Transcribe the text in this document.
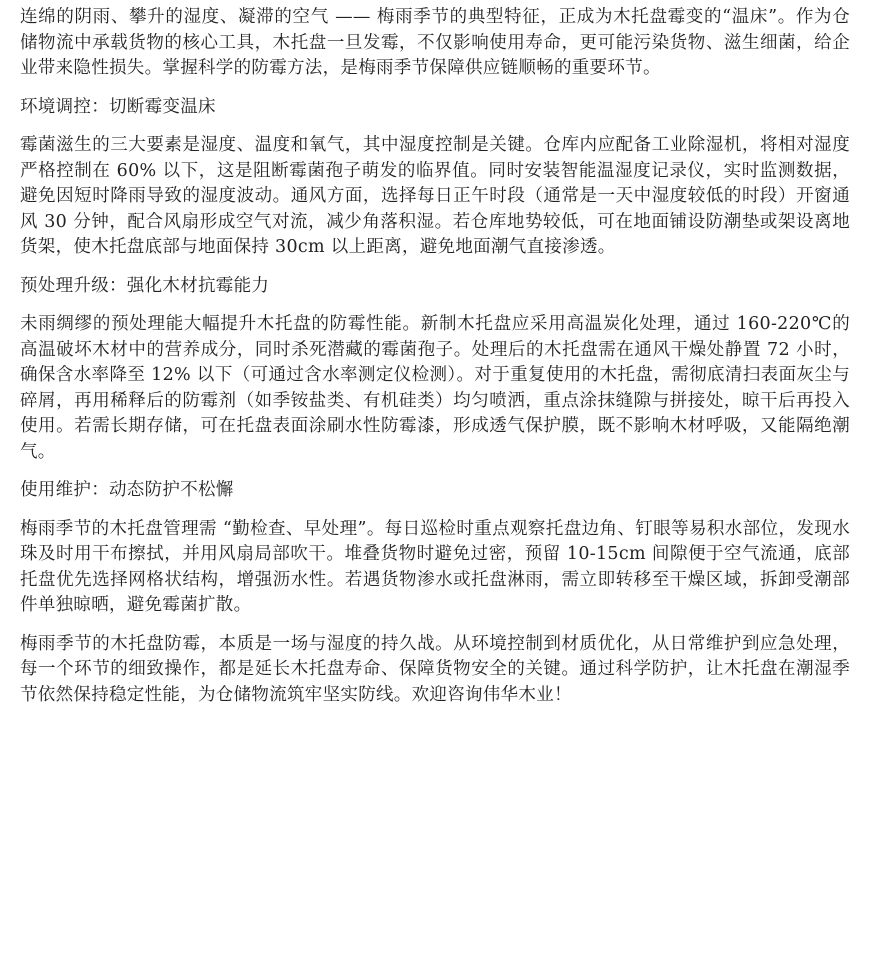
连绵的阴雨、攀升的湿度、凝滞的空气 —— 梅雨季节的典型特征，正成为木托盘霉变的“温床”。作为仓储物流中承载货物的核心工具，木托盘一旦发霉，不仅影响使用寿命，更可能污染货物、滋生细菌，给企业带来隐性损失。掌握科学的防霉方法，是梅雨季节保障供应链顺畅的重要环节。

环境调控：切断霉变温床

霉菌滋生的三大要素是湿度、温度和氧气，其中湿度控制是关键。仓库内应配备工业除湿机，将相对湿度严格控制在 60% 以下，这是阻断霉菌孢子萌发的临界值。同时安装智能温湿度记录仪，实时监测数据，避免因短时降雨导致的湿度波动。通风方面，选择每日正午时段（通常是一天中湿度较低的时段）开窗通风 30 分钟，配合风扇形成空气对流，减少角落积湿。若仓库地势较低，可在地面铺设防潮垫或架设离地货架，使木托盘底部与地面保持 30cm 以上距离，避免地面潮气直接渗透。

预处理升级：强化木材抗霉能力

未雨绸缪的预处理能大幅提升木托盘的防霉性能。新制木托盘应采用高温炭化处理，通过 160-220℃的高温破坏木材中的营养成分，同时杀死潜藏的霉菌孢子。处理后的木托盘需在通风干燥处静置 72 小时，确保含水率降至 12% 以下（可通过含水率测定仪检测）。对于重复使用的木托盘，需彻底清扫表面灰尘与碎屑，再用稀释后的防霉剂（如季铵盐类、有机硅类）均匀喷洒，重点涂抹缝隙与拼接处，晾干后再投入使用。若需长期存储，可在托盘表面涂刷水性防霉漆，形成透气保护膜，既不影响木材呼吸，又能隔绝潮气。

使用维护：动态防护不松懈

梅雨季节的木托盘管理需 “勤检查、早处理”。每日巡检时重点观察托盘边角、钉眼等易积水部位，发现水珠及时用干布擦拭，并用风扇局部吹干。堆叠货物时避免过密，预留 10-15cm 间隙便于空气流通，底部托盘优先选择网格状结构，增强沥水性。若遇货物渗水或托盘淋雨，需立即转移至干燥区域，拆卸受潮部件单独晾晒，避免霉菌扩散。

梅雨季节的木托盘防霉，本质是一场与湿度的持久战。从环境控制到材质优化，从日常维护到应急处理，每一个环节的细致操作，都是延长木托盘寿命、保障货物安全的关键。通过科学防护，让木托盘在潮湿季节依然保持稳定性能，为仓储物流筑牢坚实防线。欢迎咨询伟华木业！
